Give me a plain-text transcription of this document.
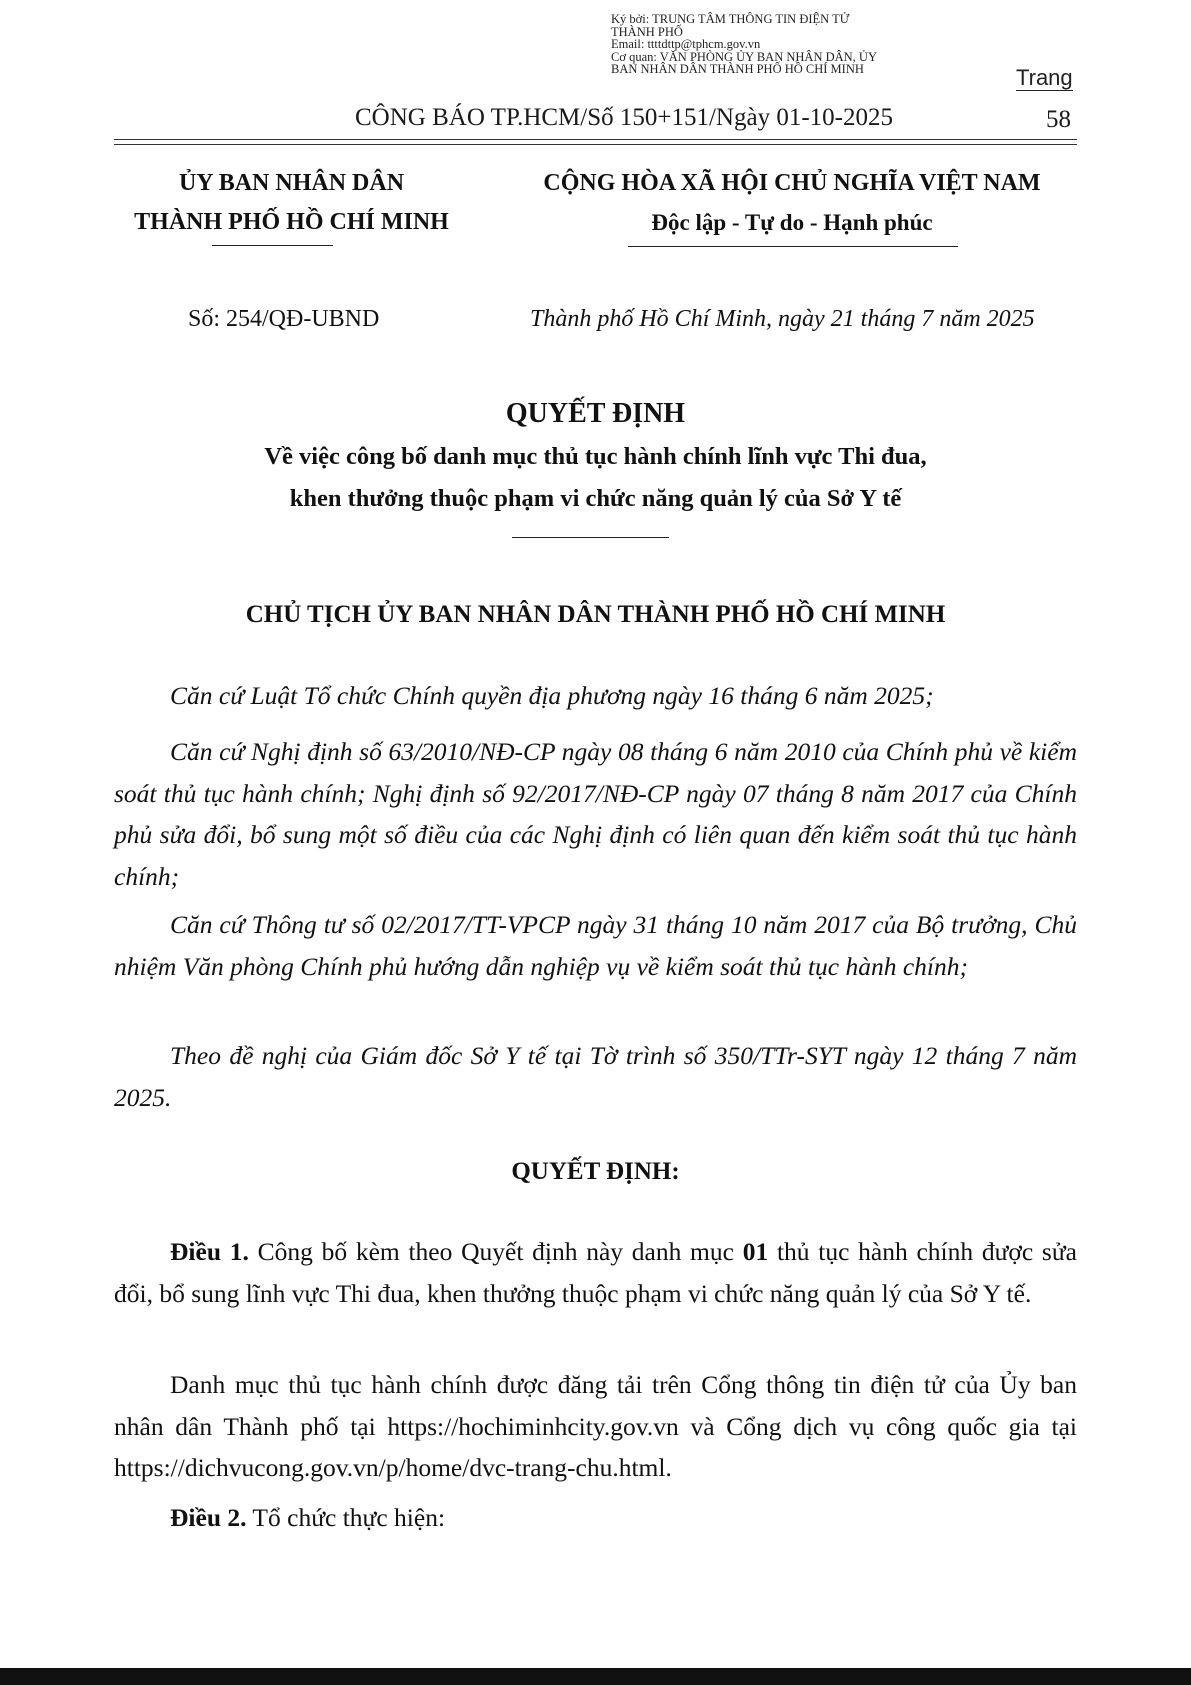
Ký bởi: TRUNG TÂM THÔNG TIN ĐIỆN TỬ
THÀNH PHỐ
Email: ttttdttp@tphcm.gov.vn
Cơ quan: VĂN PHÒNG ỦY BAN NHÂN DÂN, ỦY
BAN NHÂN DÂN THÀNH PHỐ HỒ CHÍ MINH	Trang
CÔNG BÁO TP.HCM/Số 150+151/Ngày 01-10-2025	58
ỦY BAN NHÂN DÂN
THÀNH PHỐ HỒ CHÍ MINH
CỘNG HÒA XÃ HỘI CHỦ NGHĨA VIỆT NAM
Độc lập - Tự do - Hạnh phúc
Số: 254/QĐ-UBND	Thành phố Hồ Chí Minh, ngày 21 tháng 7 năm 2025
QUYẾT ĐỊNH
Về việc công bố danh mục thủ tục hành chính lĩnh vực Thi đua,
khen thưởng thuộc phạm vi chức năng quản lý của Sở Y tế
CHỦ TỊCH ỦY BAN NHÂN DÂN THÀNH PHỐ HỒ CHÍ MINH
Căn cứ Luật Tổ chức Chính quyền địa phương ngày 16 tháng 6 năm 2025;
Căn cứ Nghị định số 63/2010/NĐ-CP ngày 08 tháng 6 năm 2010 của Chính phủ về kiểm soát thủ tục hành chính; Nghị định số 92/2017/NĐ-CP ngày 07 tháng 8 năm 2017 của Chính phủ sửa đổi, bổ sung một số điều của các Nghị định có liên quan đến kiểm soát thủ tục hành chính;
Căn cứ Thông tư số 02/2017/TT-VPCP ngày 31 tháng 10 năm 2017 của Bộ trưởng, Chủ nhiệm Văn phòng Chính phủ hướng dẫn nghiệp vụ về kiểm soát thủ tục hành chính;
Theo đề nghị của Giám đốc Sở Y tế tại Tờ trình số 350/TTr-SYT ngày 12 tháng 7 năm 2025.
QUYẾT ĐỊNH:
Điều 1. Công bố kèm theo Quyết định này danh mục 01 thủ tục hành chính được sửa đổi, bổ sung lĩnh vực Thi đua, khen thưởng thuộc phạm vi chức năng quản lý của Sở Y tế.
Danh mục thủ tục hành chính được đăng tải trên Cổng thông tin điện tử của Ủy ban nhân dân Thành phố tại https://hochiminhcity.gov.vn và Cổng dịch vụ công quốc gia tại https://dichvucong.gov.vn/p/home/dvc-trang-chu.html.
Điều 2. Tổ chức thực hiện:
